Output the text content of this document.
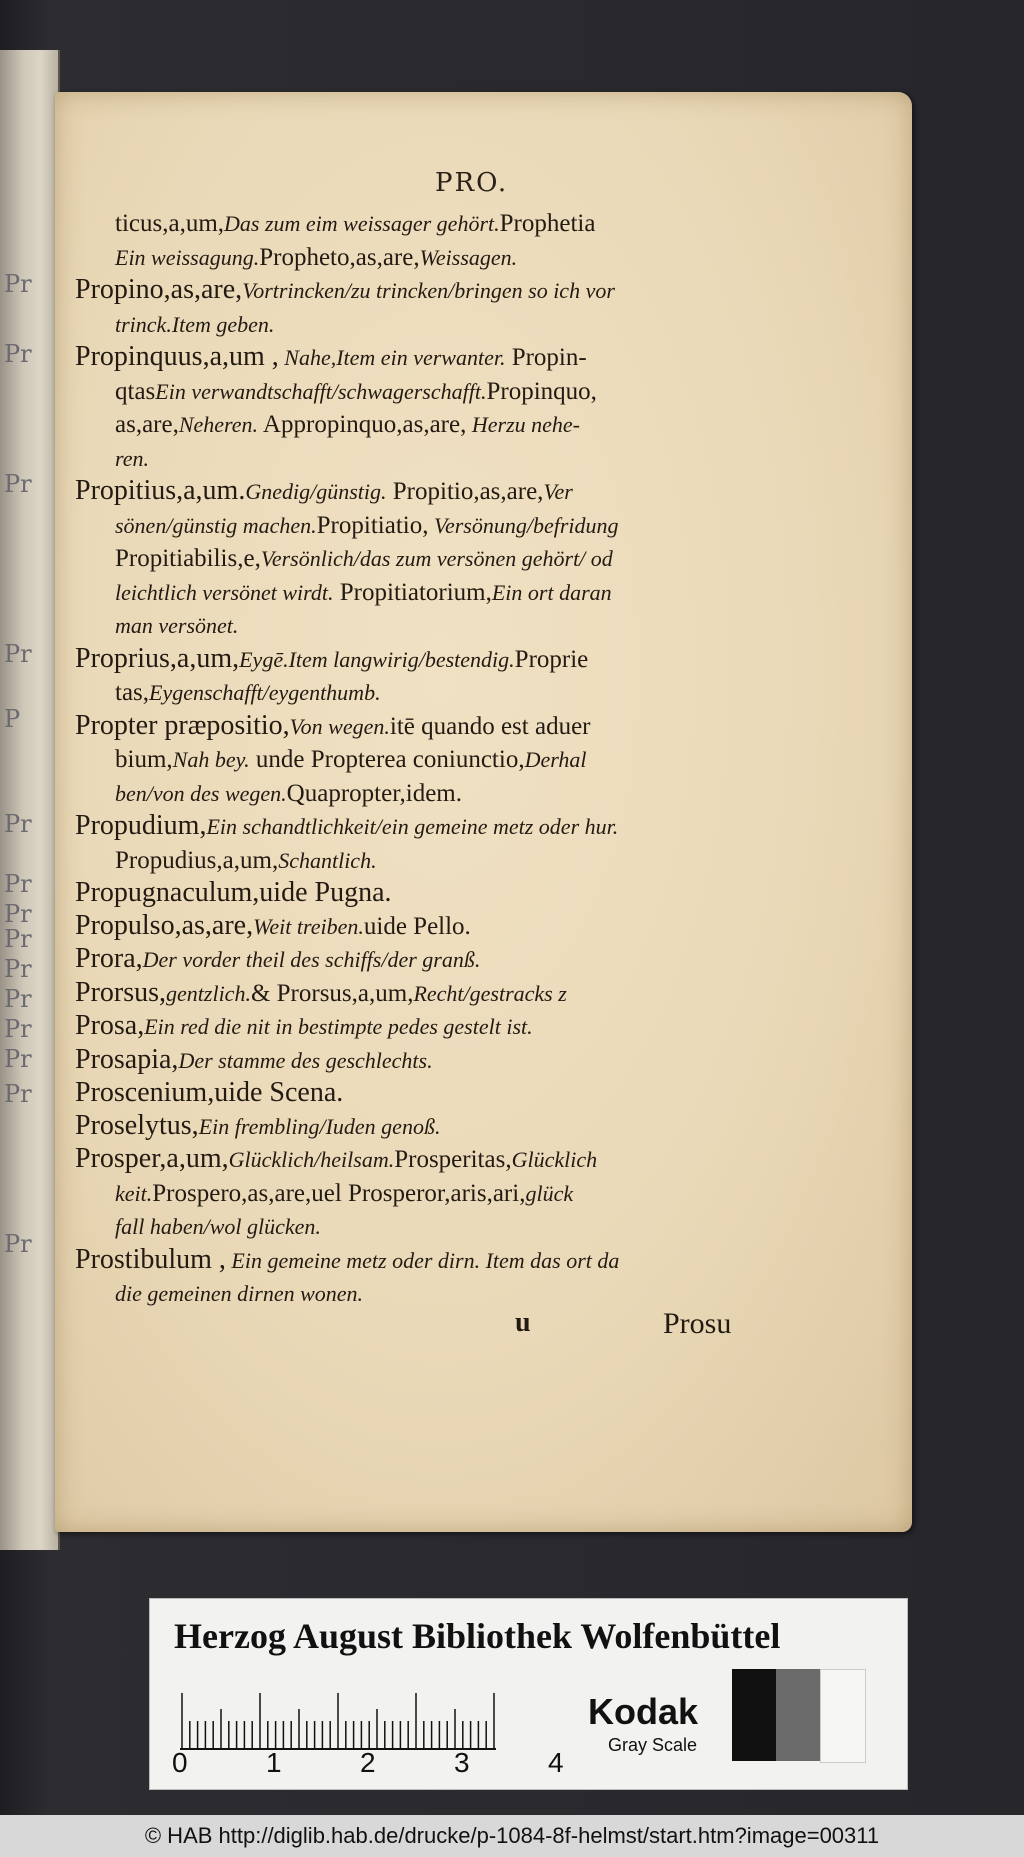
Pr
Pr
Pr
Pr
P
Pr
Pr
Pr
Pr
Pr
Pr
Pr
Pr
Pr
Pr
PRO.
ticus,a,um,Das zum eim weissager gehört.Prophetia
Ein weissagung.Propheto,as,are,Weissagen.
Propino,as,are,Vortrincken/zu trincken/bringen so ich vor
trinck.Item geben.
Propinquus,a,um , Nahe,Item ein verwanter. Propin-
qtasEin verwandtschafft/schwagerschafft.Propinquo,
as,are,Neheren. Appropinquo,as,are, Herzu nehe-
ren.
Propitius,a,um.Gnedig/günstig. Propitio,as,are,Ver
sönen/günstig machen.Propitiatio, Versönung/befridung
Propitiabilis,e,Versönlich/das zum versönen gehört/ od
leichtlich versönet wirdt. Propitiatorium,Ein ort daran
man versönet.
Proprius,a,um,Eygē.Item langwirig/bestendig.Proprie
tas,Eygenschafft/eygenthumb.
Propter præpositio,Von wegen.itē quando est aduer
bium,Nah bey. unde Propterea coniunctio,Derhal
ben/von des wegen.Quapropter,idem.
Propudium,Ein schandtlichkeit/ein gemeine metz oder hur.
Propudius,a,um,Schantlich.
Propugnaculum,uide Pugna.
Propulso,as,are,Weit treiben.uide Pello.
Prora,Der vorder theil des schiffs/der granß.
Prorsus,gentzlich.& Prorsus,a,um,Recht/gestracks z
Prosa,Ein red die nit in bestimpte pedes gestelt ist.
Prosapia,Der stamme des geschlechts.
Proscenium,uide Scena.
Proselytus,Ein frembling/Iuden genoß.
Prosper,a,um,Glücklich/heilsam.Prosperitas,Glücklich
keit.Prospero,as,are,uel Prosperor,aris,ari,glück
fall haben/wol glücken.
Prostibulum , Ein gemeine metz oder dirn. Item das ort da
die gemeinen dirnen wonen.
u	Prosu
Herzog August Bibliothek Wolfenbüttel
0	1	2	3	4
Kodak
Gray Scale
© HAB http://diglib.hab.de/drucke/p-1084-8f-helmst/start.htm?image=00311
